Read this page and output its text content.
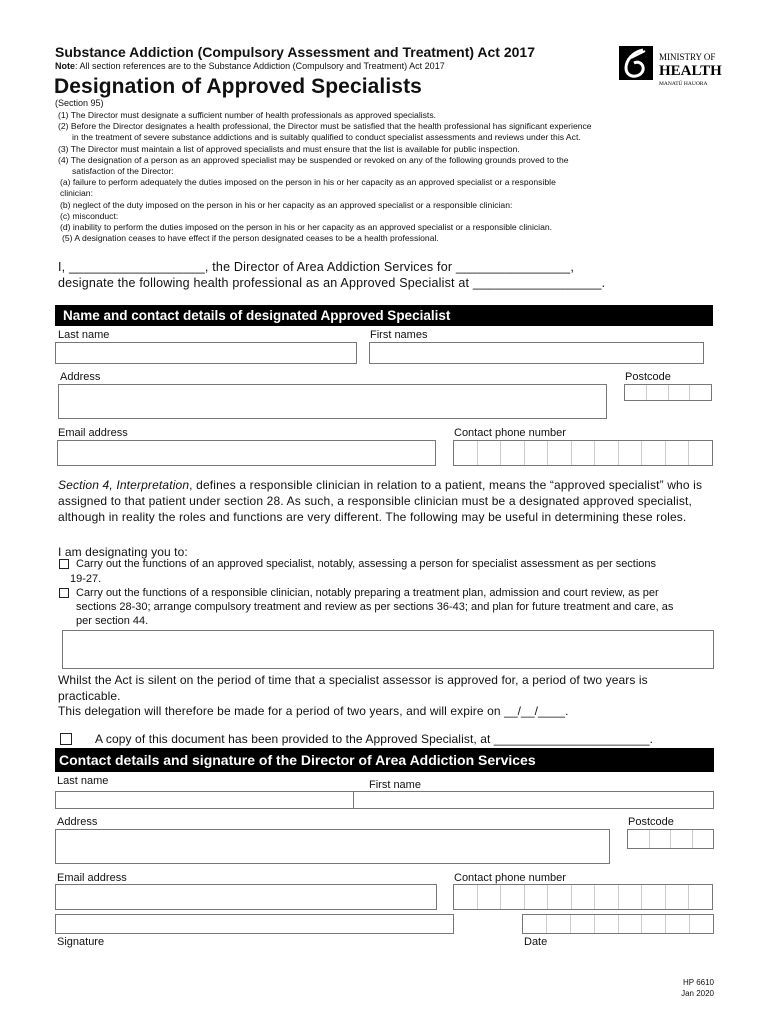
Substance Addiction (Compulsory Assessment and Treatment) Act 2017
Note: All section references are to the Substance Addiction (Compulsory and Treatment) Act 2017
Designation of Approved Specialists
(Section 95)
MINISTRY OF
HEALTH
MANATŪ HAUORA
(1) The Director must designate a sufficient number of health professionals as approved specialists.
(2) Before the Director designates a health professional, the Director must be satisfied that the health professional has significant experience
in the treatment of severe substance addictions and is suitably qualified to conduct specialist assessments and reviews under this Act.
(3) The Director must maintain a list of approved specialists and must ensure that the list is available for public inspection.
(4) The designation of a person as an approved specialist may be suspended or revoked on any of the following grounds proved to the
satisfaction of the Director:
(a) failure to perform adequately the duties imposed on the person in his or her capacity as an approved specialist or a responsible
clinician:
(b) neglect of the duty imposed on the person in his or her capacity as an approved specialist or a responsible clinician:
(c) misconduct:
(d) inability to perform the duties imposed on the person in his or her capacity as an approved specialist or a responsible clinician.
(5) A designation ceases to have effect if the person designated ceases to be a health professional.
I, ___________________, the Director of Area Addiction Services for ________________,
designate the following health professional as an Approved Specialist at __________________.
Name and contact details of designated Approved Specialist
Last name	First names
Address	Postcode
Email address	Contact phone number
Section 4, Interpretation, defines a responsible clinician in relation to a patient, means the “approved specialist” who is assigned to that patient under section 28. As such, a responsible clinician must be a designated approved specialist, although in reality the roles and functions are very different. The following may be useful in determining these roles.
I am designating you to:
Carry out the functions of an approved specialist, notably, assessing a person for specialist assessment as per sections
19-27.
Carry out the functions of a responsible clinician, notably preparing a treatment plan, admission and court review, as per
sections 28-30; arrange compulsory treatment and review as per sections 36-43; and plan for future treatment and care, as
per section 44.
Whilst the Act is silent on the period of time that a specialist assessor is approved for, a period of two years is
practicable.
This delegation will therefore be made for a period of two years, and will expire on __/__/____.
A copy of this document has been provided to the Approved Specialist, at _______________________.
Contact details and signature of the Director of Area Addiction Services
Last name	First name
Address	Postcode
Email address	Contact phone number
Signature	Date
HP 6610
Jan 2020
